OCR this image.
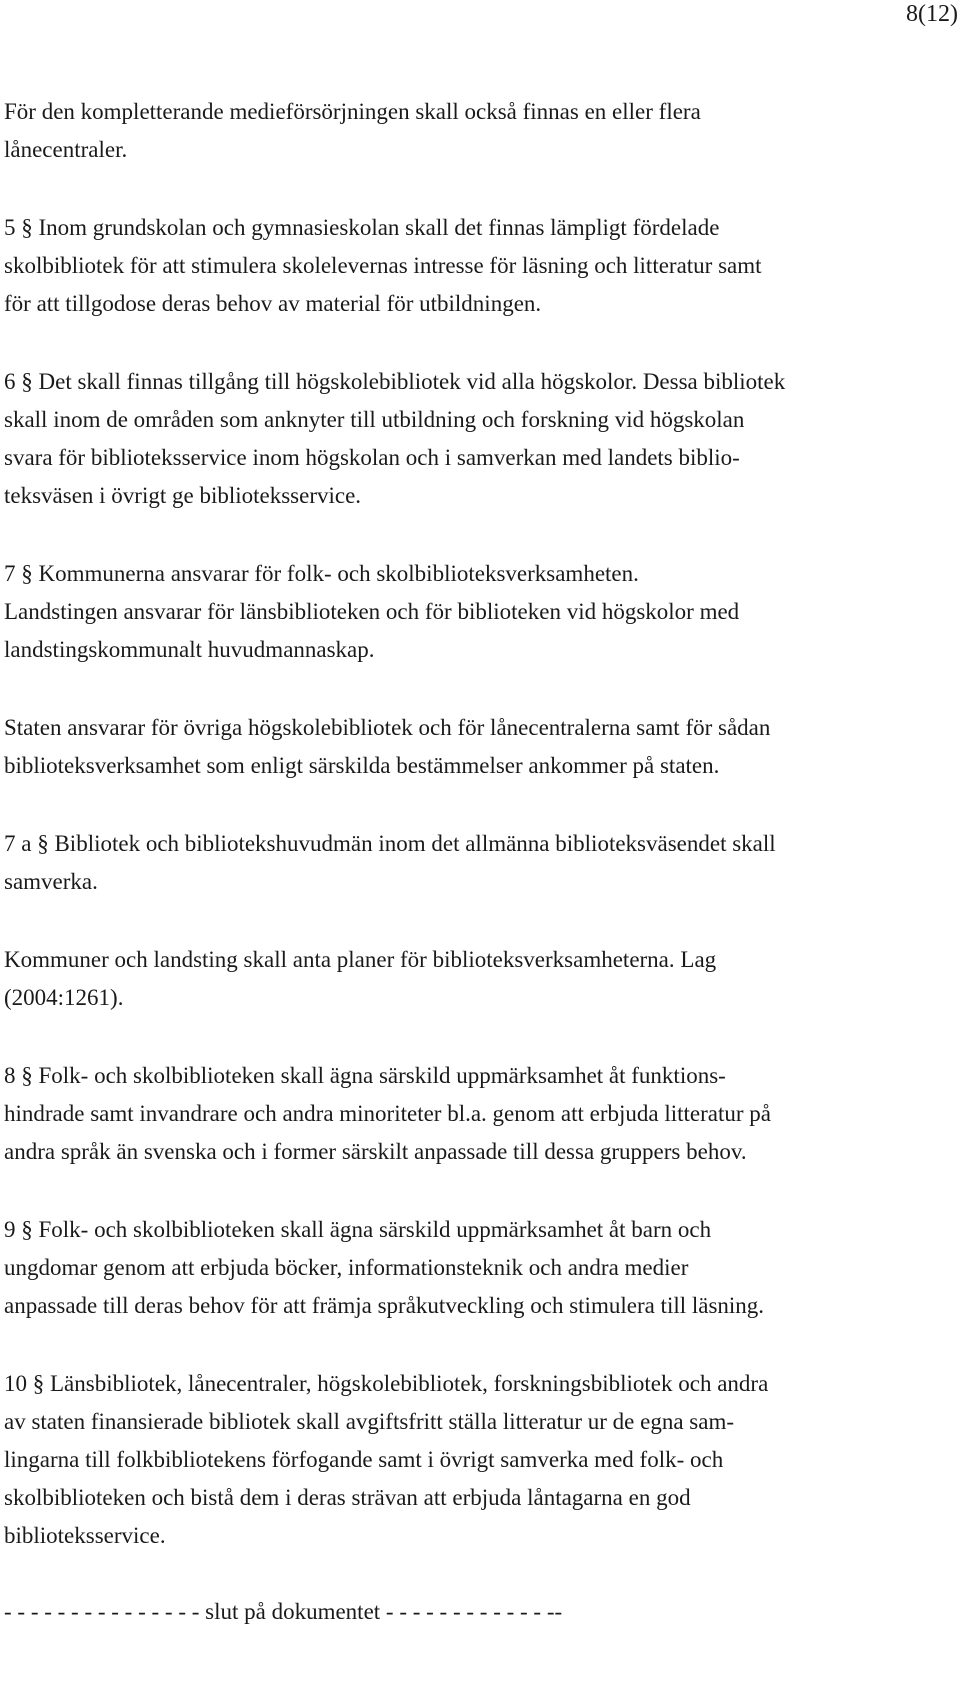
8(12)
För den kompletterande medieförsörjningen skall också finnas en eller flera
lånecentraler.
5 § Inom grundskolan och gymnasieskolan skall det finnas lämpligt fördelade
skolbibliotek för att stimulera skolelevernas intresse för läsning och litteratur samt
för att tillgodose deras behov av material för utbildningen.
6 § Det skall finnas tillgång till högskolebibliotek vid alla högskolor. Dessa bibliotek
skall inom de områden som anknyter till utbildning och forskning vid högskolan
svara för biblioteksservice inom högskolan och i samverkan med landets biblio-
teksväsen i övrigt ge biblioteksservice.
7 § Kommunerna ansvarar för folk- och skolbiblioteksverksamheten.
Landstingen ansvarar för länsbiblioteken och för biblioteken vid högskolor med
landstingskommunalt huvudmannaskap.
Staten ansvarar för övriga högskolebibliotek och för lånecentralerna samt för sådan
biblioteksverksamhet som enligt särskilda bestämmelser ankommer på staten.
7 a § Bibliotek och bibliotekshuvudmän inom det allmänna biblioteksväsendet skall
samverka.
Kommuner och landsting skall anta planer för biblioteksverksamheterna. Lag
(2004:1261).
8 § Folk- och skolbiblioteken skall ägna särskild uppmärksamhet åt funktions-
hindrade samt invandrare och andra minoriteter bl.a. genom att erbjuda litteratur på
andra språk än svenska och i former särskilt anpassade till dessa gruppers behov.
9 § Folk- och skolbiblioteken skall ägna särskild uppmärksamhet åt barn och
ungdomar genom att erbjuda böcker, informationsteknik och andra medier
anpassade till deras behov för att främja språkutveckling och stimulera till läsning.
10 § Länsbibliotek, lånecentraler, högskolebibliotek, forskningsbibliotek och andra
av staten finansierade bibliotek skall avgiftsfritt ställa litteratur ur de egna sam-
lingarna till folkbibliotekens förfogande samt i övrigt samverka med folk- och
skolbiblioteken och bistå dem i deras strävan att erbjuda låntagarna en god
biblioteksservice.
- - - - - - - - - - - - - - - slut på dokumentet - - - - - - - - - - - - --
